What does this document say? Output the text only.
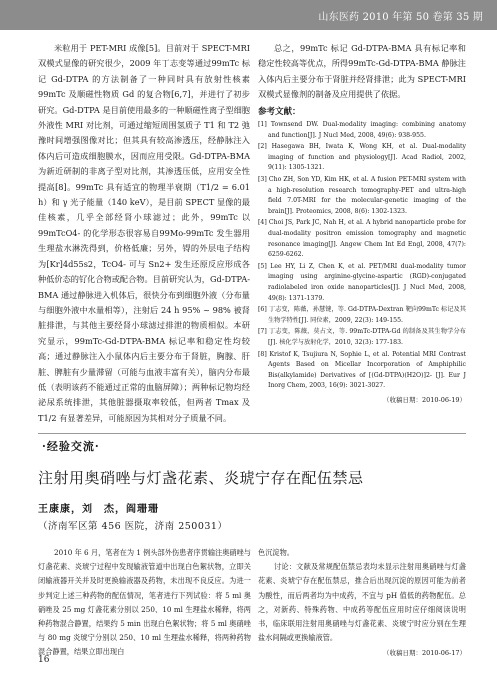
山东医药 2010 年第 50 卷第 35 期

米粒用于 PET-MRI 成像[5]。目前对于 SPECT-MRI 双模式显像的研究很少，2009 年丁志变等通过99mTc 标记 Gd-DTPA 的方法制备了一种同时具有放射性核素99mTc 及顺磁性物质 Gd 的复合物[6,7]，并进行了初步研究。Gd-DTPA 是目前使用最多的一种顺磁性离子型细胞外液性 MRI 对比剂，可通过缩短周围氢质子 T1 和 T2 弛豫时间增强图像对比；但其具有较高渗透压，经静脉注入体内后可造成细胞膜水，因而应用受限。Gd-DTPA-BMA 为新近研制的非离子型对比剂，其渗透压低，应用安全性提高[8]。99mTc 具有适宜的物理半衰期（T1/2 = 6.01 h）和 γ 光子能量（140 keV），是目前 SPECT 显像的最佳核素，几乎全部经肾小球滤过；此外，99mTc 以99mTcO4- 的化学形态很容易自99Mo-99mTc 发生器用生理盐水淋洗得到，价格低廉；另外，锝的外层电子结构为[Kr]4d55s2，TcO4- 可与 Sn2+ 发生还原反应形成各种低价态的钌化合物或配合物。目前研究认为，Gd-DTPA-BMA 通过静脉进入机体后，很快分布到细胞外液（分布量与细胞外液中水量相等），注射后 24 h 95% ~ 98% 被肾脏排泄，与其他主要经肾小球滤过排泄的物质相似。本研究显示，99mTc-Gd-DTPA-BMA 标记率和稳定性均较高；通过静脉注入小鼠体内后主要分布于肾脏，胸腺、肝脏、脾脏有少量滞留（可能与血液丰富有关），脑内分布最低（表明该药不能通过正常的血脑屏障）；两种标记物均经泌尿系统排泄，其他脏器摄取率较低，但两者 Tmax 及 T1/2 有显著差异，可能原因为其相对分子质量不同。

总之，99mTc 标记 Gd-DTPA-BMA 具有标记率和稳定性较高等优点，所得99mTc-Gd-DTPA-BMA 静脉注入体内后主要分布于肾脏并经肾排泄；此为 SPECT-MRI 双模式显像剂的制备及应用提供了依据。

参考文献：
[1] Townsend DW. Dual-modality imaging: combining anatomy and function[J]. J Nucl Med, 2008, 49(6): 938-955.
[2] Hasegawa BH, Iwata K, Wong KH, et al. Dual-modality imaging of function and physiology[J]. Acad Radiol, 2002, 9(11): 1305-1321.
[3] Cho ZH, Son YD, Kim HK, et al. A fusion PET-MRI system with a high-resolution research tomography-PET and ultra-high field 7.0T-MRI for the molecular-genetic imaging of the brain[J]. Proteomics, 2008, 8(6): 1302-1323.
[4] Choi JS, Park JC, Nah H, et al. A hybrid nanoparticle probe for dual-modality positron emission tomography and magnetic resonance imaging[J]. Angew Chem Int Ed Engl, 2008, 47(7): 6259-6262.
[5] Lee HY, Li Z, Chen K, et al. PET/MRI dual-modality tumor imaging using arginine-glycine-aspartic (RGD)-conjugated radiolabeled iron oxide nanoparticles[J]. J Nucl Med, 2008, 49(8): 1371-1379.
[6] 丁志变，陈薇，孙慧键，等. Gd-DTPA-Dextran 靶向99mTc 标记及其生物学特性[J]. 同位素，2009, 22(3): 149-155.
[7] 丁志变，陈薇，莫占文，等. 99mTc-DTPA-Gd 的制备及其生物学分布[J]. 核化学与放射化学，2010, 32(3): 177-183.
[8] Kristof K, Tsujiura N, Sophie L, et al. Potential MRI Contrast Agents Based on Micellar Incorporation of Amphiphilic Bis(alkylamide) Derivatives of [(Gd-DTPA)(H2O)]2- [J]. Eur J Inorg Chem, 2003, 16(9): 3021-3027.
（收稿日期：2010-06-19）
·经验交流·
注射用奥硝唑与灯盏花素、炎琥宁存在配伍禁忌
王康康，刘　杰，阎珊珊
（济南军区第 456 医院，济南 250031）

2010 年 6 月，笔者在为 1 例头部外伤患者序贯输注奥硝唑与灯盏花素、炎琥宁过程中发现输液管道中出现白色絮状物，立即关闭输液器开关并及时更换输液器及药物，未出现不良反应。为进一步判定上述三种药物的配伍情况，笔者进行下列试验：将 5 ml 奥硝唑及 25 mg 灯盏花素分别以 250、10 ml 生理盐水稀释，将两种药物混合静置，结果约 5 min 出现白色絮状物；将 5 ml 奥硝唑与 80 mg 炎琥宁分别以 250、10 ml 生理盐水稀释，将两种药物混合静置，结果立即出现白

色沉淀物。

讨论：文献及常规配伍禁忌表均未显示注射用奥硝唑与灯盏花素、炎琥宁存在配伍禁忌，推合后出现沉淀的原因可能为前者为酸性，而后两者均为中成药，不宜与 pH 值低的药物配伍。总之，对新药、特殊药物、中成药等配伍应用时应仔细阅读说明书，临床联用注射用奥硝唑与灯盏花素、炎琥宁时应分别在生理盐水间隔或更换输液管。

（收稿日期：2010-06-17）
16
